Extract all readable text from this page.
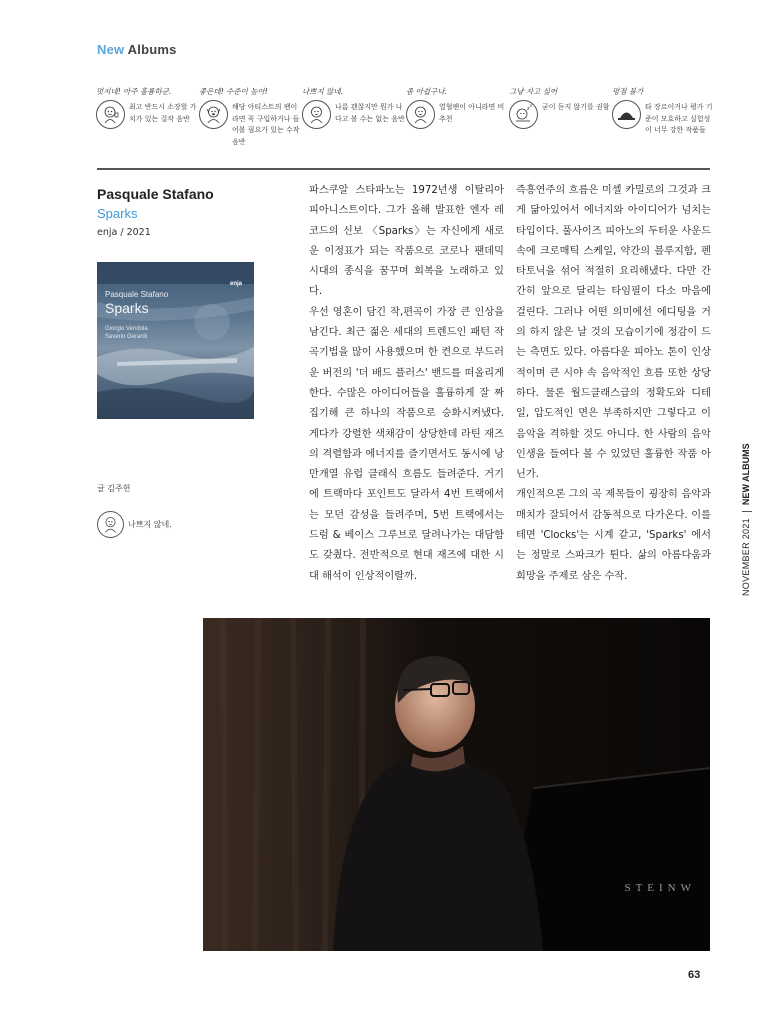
New Albums
멋지네! 아주 훌륭하군.
최고 반드시 소장할 가치가 있는 걸작 음반
좋은데! 수준이 높아!
해당 아티스트의 팬이라면 꼭 구입하거나 들어볼 필요가 있는 수작 음반
나쁘지 않네.
나름 괜찮지만 뭔가 나다고 볼 수는 없는 음반
좀 아쉽구나.
열혈팬이 아니라면 비추천
그냥 자고 싶어
z
z 굳이 듣지 않기를 권함
평점 불가
타 장르이거나 평가 기준이 모호하고 실험성이 너무 강한 작품들
Pasquale Stafano
Sparks
enja / 2021
Pasquale Stafano
Sparks
Giorgio Vendola
Saverio Gerardi
enja
글 김주헌
나쁘지 않네.

파스쿠알 스타파노는 1972년생 이탈리아 피아니스트이다. 그가 올해 발표한 엔자 레코드의 신보 〈Sparks〉는 자신에게 새로운 이정표가 되는 작품으로 코로나 팬데믹 시대의 종식을 꿈꾸며 회복을 노래하고 있다.

우선 영혼이 담긴 작,편곡이 가장 큰 인상을 남긴다. 최근 젊은 세대의 트렌드인 패턴 작곡기법을 많이 사용했으며 한 켠으로 부드러운 버전의 '더 배드 플러스' 밴드를 떠올리게 한다. 수많은 아이디어들을 훌륭하게 잘 짜집기해 큰 하나의 작품으로 승화시켜냈다. 게다가 강렬한 색채감이 상당한데 라틴 재즈의 격렬함과 에너지를 즐기면서도 동시에 낭만개열 유럽 클래식 흐름도 들려준다. 거기에 트랙마다 포인트도 달라서 4번 트랙에서는 모던 감성을 들려주며, 5번 트랙에서는 드럼 & 베이스 그루브로 달려나가는 대담함도 갖췄다. 전반적으로 현대 재즈에 대한 시대 해석이 인상적이랄까.

즉흥연주의 흐름은 미셸 카밀로의 그것과 크게 닮아있어서 에너지와 아이디어가 넘치는 타입이다. 풀사이즈 피아노의 두터운 사운드 속에 크로매틱 스케일, 약간의 블루지함, 펜타토닉을 섞어 적절히 요리해냈다. 다만 간간히 앞으로 달리는 타임필이 다소 마음에 걸린다. 그러나 어떤 의미에선 에디팅을 거의 하지 않은 날 것의 모습이기에 정감이 드는 측면도 있다. 아름다운 피아노 톤이 인상적이며 큰 시야 속 음악적인 흐름 또한 상당하다. 물론 월드클래스급의 정확도와 디테일, 압도적인 면은 부족하지만 그렇다고 이 음악을 격하할 것도 아니다. 한 사람의 음악 인생을 들여다 볼 수 있었던 훌륭한 작품 아닌가.

개인적으론 그의 곡 제목들이 굉장히 음악과 매치가 잘되어서 감동적으로 다가온다. 이를테면 'Clocks'는 시계 같고, 'Sparks' 에서는 정말로 스파크가 튄다. 삶의 아름다움과 희망을 주제로 삼은 수작.	NOVEMBER 2021NEW ALBUMS
STEINW
63
